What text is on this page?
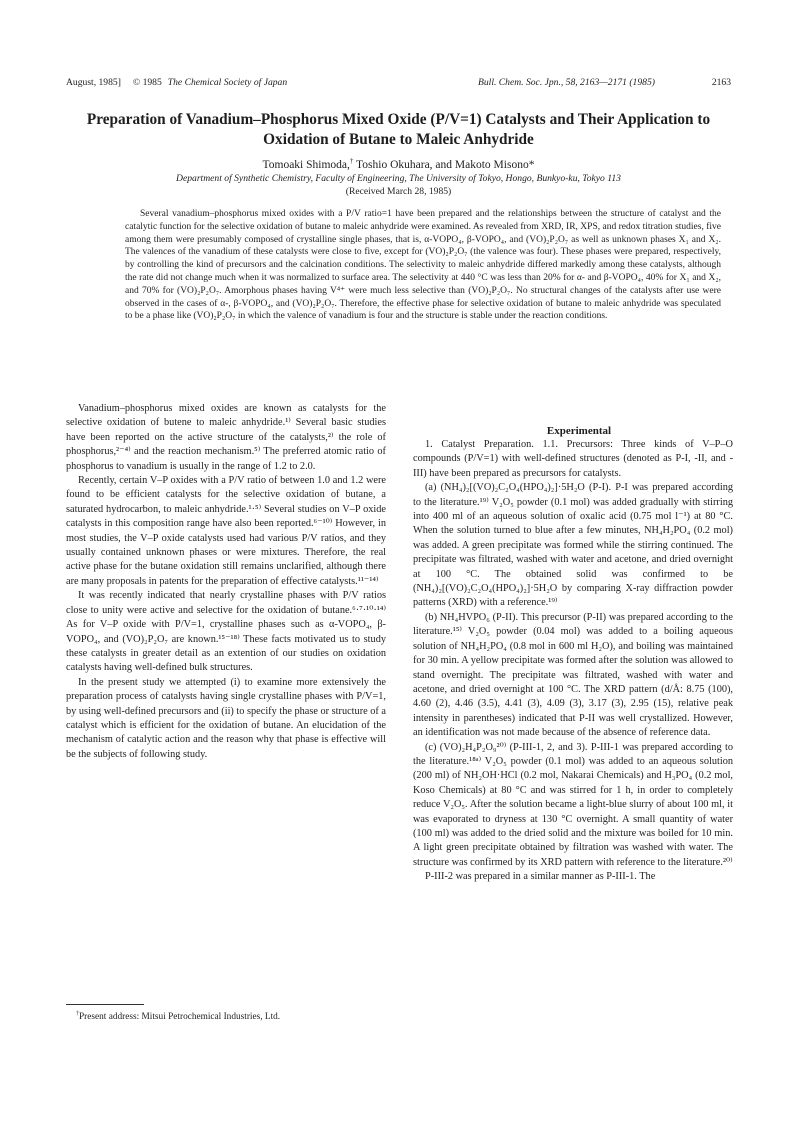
August, 1985] © 1985 The Chemical Society of Japan	Bull. Chem. Soc. Jpn., 58, 2163—2171 (1985)	2163
Preparation of Vanadium–Phosphorus Mixed Oxide (P/V=1) Catalysts and Their Application to Oxidation of Butane to Maleic Anhydride
Tomoaki Shimoda,† Toshio Okuhara, and Makoto Misono*
Department of Synthetic Chemistry, Faculty of Engineering, The University of Tokyo, Hongo, Bunkyo-ku, Tokyo 113
(Received March 28, 1985)

Several vanadium–phosphorus mixed oxides with a P/V ratio=1 have been prepared and the relationships between the structure of catalyst and the catalytic function for the selective oxidation of butane to maleic anhydride were examined. As revealed from XRD, IR, XPS, and redox titration studies, five among them were presumably composed of crystalline single phases, that is, α-VOPO₄, β-VOPO₄, and (VO)₂P₂O₇ as well as unknown phases X₁ and X₂. The valences of the vanadium of these catalysts were close to five, except for (VO)₂P₂O₇ (the valence was four). These phases were prepared, respectively, by controlling the kind of precursors and the calcination conditions. The selectivity to maleic anhydride differed markedly among these catalysts, although the rate did not change much when it was normalized to surface area. The selectivity at 440 °C was less than 20% for α- and β-VOPO₄, 40% for X₁ and X₂, and 70% for (VO)₂P₂O₇. Amorphous phases having V⁴⁺ were much less selective than (VO)₂P₂O₇. No structural changes of the catalysts after use were observed in the cases of α-, β-VOPO₄, and (VO)₂P₂O₇. Therefore, the effective phase for selective oxidation of butane to maleic anhydride was speculated to be a phase like (VO)₂P₂O₇ in which the valence of vanadium is four and the structure is stable under the reaction conditions.

Vanadium–phosphorus mixed oxides are known as catalysts for the selective oxidation of butene to maleic anhydride.¹⁾ Several basic studies have been reported on the active structure of the catalysts,²⁾ the role of phosphorus,²⁻⁴⁾ and the reaction mechanism.⁵⁾ The preferred atomic ratio of phosphorus to vanadium is usually in the range of 1.2 to 2.0.

Recently, certain V–P oxides with a P/V ratio of between 1.0 and 1.2 were found to be efficient catalysts for the selective oxidation of butane, a saturated hydrocarbon, to maleic anhydride.¹·⁵⁾ Several studies on V–P oxide catalysts in this composition range have also been reported.⁶⁻¹⁰⁾ However, in most studies, the V–P oxide catalysts used had various P/V ratios, and they usually contained unknown phases or were mixtures. Therefore, the real active phase for the butane oxidation still remains unclarified, although there are many proposals in patents for the preparation of effective catalysts.¹¹⁻¹⁴⁾

It was recently indicated that nearly crystalline phases with P/V ratios close to unity were active and selective for the oxidation of butane.⁶·⁷·¹⁰·¹⁴⁾ As for V–P oxide with P/V=1, crystalline phases such as α-VOPO₄, β-VOPO₄, and (VO)₂P₂O₇ are known.¹⁵⁻¹⁸⁾ These facts motivated us to study these catalysts in greater detail as an extention of our studies on oxidation catalysts having well-defined bulk structures.

In the present study we attempted (i) to examine more extensively the preparation process of catalysts having single crystalline phases with P/V=1, by using well-defined precursors and (ii) to specify the phase or structure of a catalyst which is efficient for the oxidation of butane. An elucidation of the mechanism of catalytic action and the reason why that phase is effective will be the subjects of following study.

Experimental

1. Catalyst Preparation. 1.1. Precursors: Three kinds of V–P–O compounds (P/V=1) with well-defined structures (denoted as P-I, -II, and -III) have been prepared as precursors for catalysts.

(a) (NH₄)₂[(VO)₂C₂O₄(HPO₄)₂]·5H₂O (P-I). P-I was prepared according to the literature.¹⁹⁾ V₂O₅ powder (0.1 mol) was added gradually with stirring into 400 ml of an aqueous solution of oxalic acid (0.75 mol l⁻¹) at 80 °C. When the solution turned to blue after a few minutes, NH₄H₂PO₄ (0.2 mol) was added. A green precipitate was formed while the stirring continued. The precipitate was filtrated, washed with water and acetone, and dried overnight at 100 °C. The obtained solid was confirmed to be (NH₄)₂[(VO)₂C₂O₄(HPO₄)₂]·5H₂O by comparing X-ray diffraction powder patterns (XRD) with a reference.¹⁹⁾

(b) NH₄HVPO₆ (P-II). This precursor (P-II) was prepared according to the literature.¹⁵⁾ V₂O₅ powder (0.04 mol) was added to a boiling aqueous solution of NH₄H₂PO₄ (0.8 mol in 600 ml H₂O), and boiling was maintained for 30 min. A yellow precipitate was formed after the solution was allowed to stand overnight. The precipitate was filtrated, washed with water and acetone, and dried overnight at 100 °C. The XRD pattern (d/Å: 8.75 (100), 4.60 (2), 4.46 (3.5), 4.41 (3), 4.09 (3), 3.17 (3), 2.95 (15), relative peak intensity in parentheses) indicated that P-II was well crystallized. However, an identification was not made because of the absence of reference data.

(c) (VO)₂H₄P₂O₉²⁰⁾ (P-III-1, 2, and 3). P-III-1 was prepared according to the literature.¹⁸ᵃ⁾ V₂O₅ powder (0.1 mol) was added to an aqueous solution (200 ml) of NH₂OH·HCl (0.2 mol, Nakarai Chemicals) and H₃PO₄ (0.2 mol, Koso Chemicals) at 80 °C and was stirred for 1 h, in order to completely reduce V₂O₅. After the solution became a light-blue slurry of about 100 ml, it was evaporated to dryness at 130 °C overnight. A small quantity of water (100 ml) was added to the dried solid and the mixture was boiled for 10 min. A light green precipitate obtained by filtration was washed with water. The structure was confirmed by its XRD pattern with reference to the literature.²⁰⁾

P-III-2 was prepared in a similar manner as P-III-1. The

†Present address: Mitsui Petrochemical Industries, Ltd.
